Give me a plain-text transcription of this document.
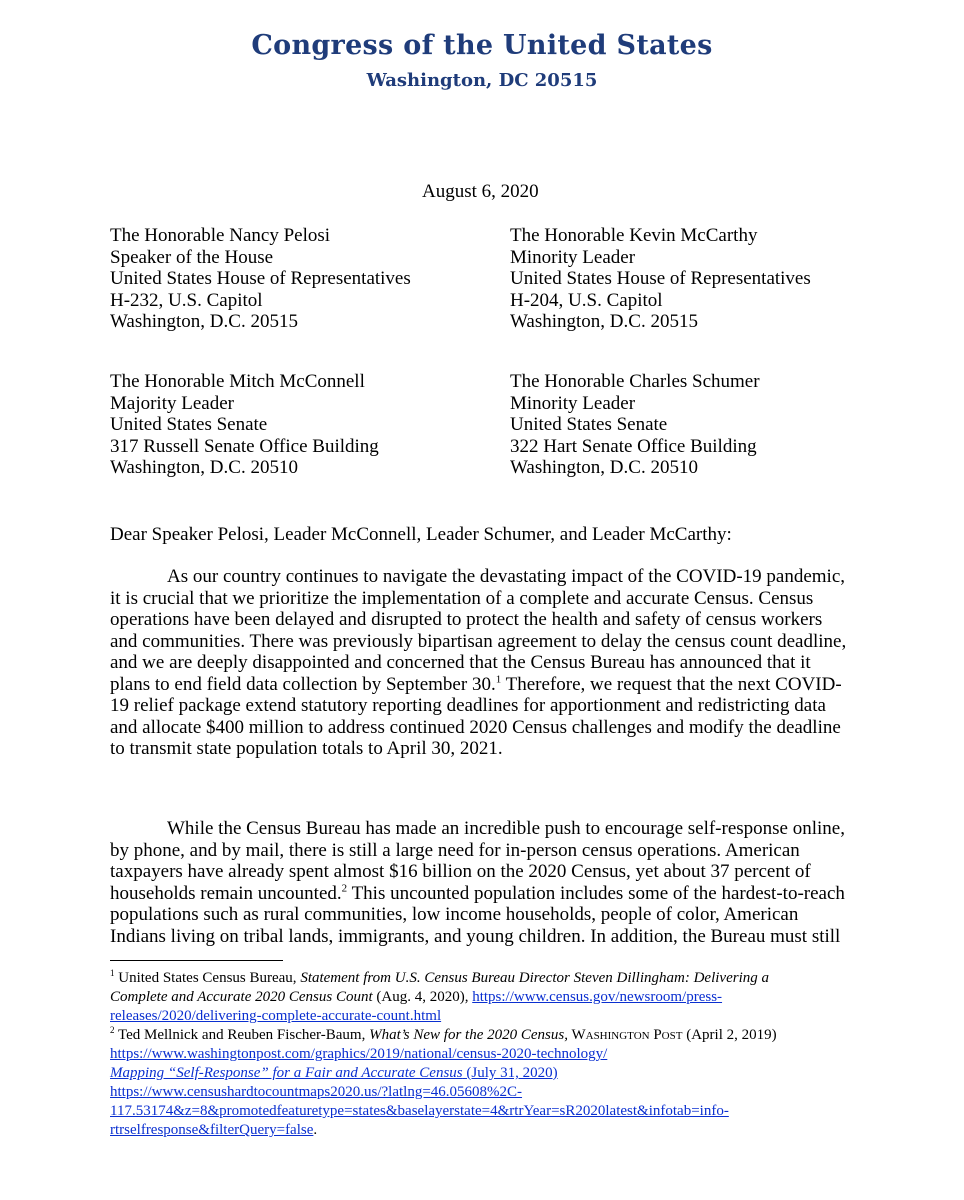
Congress of the United States
Washington, DC 20515
August 6, 2020
The Honorable Nancy Pelosi
Speaker of the House
United States House of Representatives
H-232, U.S. Capitol
Washington, D.C. 20515
The Honorable Kevin McCarthy
Minority Leader
United States House of Representatives
H-204, U.S. Capitol
Washington, D.C. 20515
The Honorable Mitch McConnell
Majority Leader
United States Senate
317 Russell Senate Office Building
Washington, D.C. 20510
The Honorable Charles Schumer
Minority Leader
United States Senate
322 Hart Senate Office Building
Washington, D.C. 20510
Dear Speaker Pelosi, Leader McConnell, Leader Schumer, and Leader McCarthy:
As our country continues to navigate the devastating impact of the COVID-19 pandemic,
it is crucial that we prioritize the implementation of a complete and accurate Census. Census
operations have been delayed and disrupted to protect the health and safety of census workers
and communities. There was previously bipartisan agreement to delay the census count deadline,
and we are deeply disappointed and concerned that the Census Bureau has announced that it
plans to end field data collection by September 30.$^1$ Therefore, we request that the next COVID-
19 relief package extend statutory reporting deadlines for apportionment and redistricting data
and allocate $400 million to address continued 2020 Census challenges and modify the deadline
to transmit state population totals to April 30, 2021.
While the Census Bureau has made an incredible push to encourage self-response online,
by phone, and by mail, there is still a large need for in-person census operations. American
taxpayers have already spent almost $16 billion on the 2020 Census, yet about 37 percent of
households remain uncounted.$^2$ This uncounted population includes some of the hardest-to-reach
populations such as rural communities, low income households, people of color, American
Indians living on tribal lands, immigrants, and young children. In addition, the Bureau must still
$^1$ United States Census Bureau, Statement from U.S. Census Bureau Director Steven Dillingham: Delivering a
Complete and Accurate 2020 Census Count (Aug. 4, 2020), https://www.census.gov/newsroom/press-
releases/2020/delivering-complete-accurate-count.html
$^2$ Ted Mellnick and Reuben Fischer-Baum, What’s New for the 2020 Census, Washington Post (April 2, 2019)
https://www.washingtonpost.com/graphics/2019/national/census-2020-technology/
Mapping “Self-Response” for a Fair and Accurate Census (July 31, 2020)
https://www.censushardtocountmaps2020.us/?latlng=46.05608%2C-
117.53174&z=8&promotedfeaturetype=states&baselayerstate=4&rtrYear=sR2020latest&infotab=info-
rtrselfresponse&filterQuery=false.
